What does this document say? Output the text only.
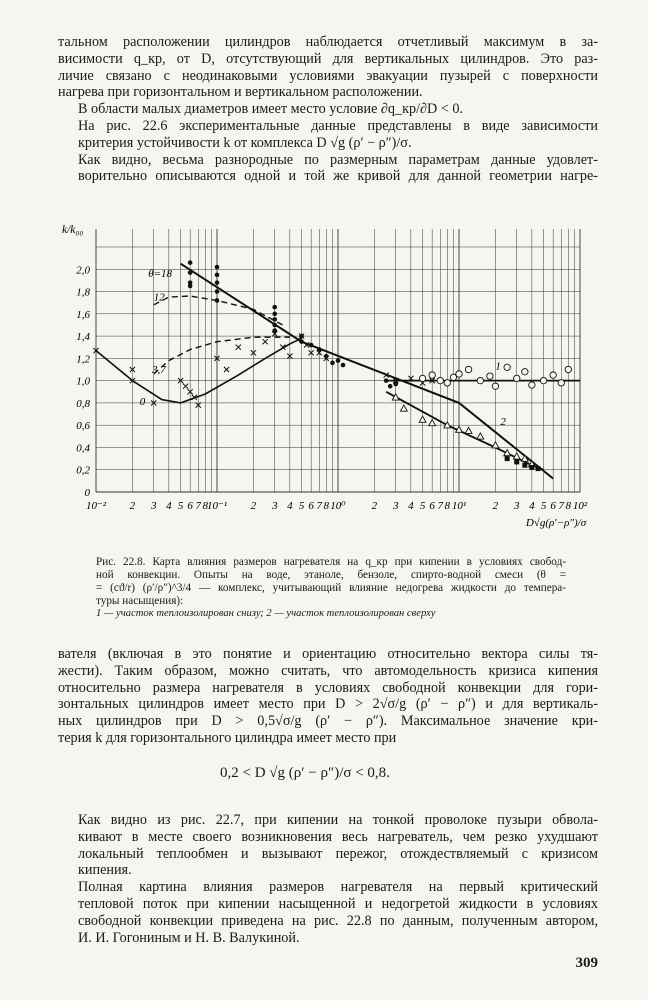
тальном расположении цилиндров наблюдается отчетливый максимум в за-
висимости q_кр, от D, отсутствующий для вертикальных цилиндров. Это раз-
личие связано с неодинаковыми условиями эвакуации пузырей с поверхности
нагрева при горизонтальном и вертикальном расположении.

В области малых диаметров имеет место условие ∂q_кр/∂D < 0.

На рис. 22.6 экспериментальные данные представлены в виде зависимости
критерия устойчивости k от комплекса D √g (ρ′ − ρ″)/σ.

Как видно, весьма разнородные по размерным параметрам данные удовлет-
ворительно описываются одной и той же кривой для данной геометрии нагре-

0
0,2
0,4
0,6
0,8
1,0
1,2
1,4
1,6
1,8
2,0
k/k₀₀
10⁻² 2 3 4 5 6 7 8
10⁻¹ 2 3 4 5 6 7 8 10⁰ 2 3 4 5 6 7 8 10¹ 2 3 4 5 6 7 8 10²
D√g(ρ′−ρ″)/σ
θ=18
12
3,7
0
1
2
Рис. 22.8. Карта влияния размеров нагревателя на q_кр при кипении в условиях свобод-
ной конвекции. Опыты на воде, этаноле, бензоле, спирто-водной смеси (θ =
= (cϑ/r) (ρ′/ρ″)^3/4 — комплекс, учитывающий влияние недогрева жидкости до темпера-
туры насыщения):
1 — участок теплоизолирован снизу; 2 — участок теплоизолирован сверху

вателя (включая в это понятие и ориентацию относительно вектора силы тя-
жести). Таким образом, можно считать, что автомодельность кризиса кипения
относительно размера нагревателя в условиях свободной конвекции для гори-
зонтальных цилиндров имеет место при D > 2√σ/g (ρ′ − ρ″) и для вертикаль-
ных цилиндров при D > 0,5√σ/g (ρ′ − ρ″). Максимальное значение кри-
терия k для горизонтального цилиндра имеет место при

0,2 < D √g (ρ′ − ρ″)/σ < 0,8.

Как видно из рис. 22.7, при кипении на тонкой проволоке пузыри обвола-
кивают в месте своего возникновения весь нагреватель, чем резко ухудшают
локальный теплообмен и вызывают пережог, отождествляемый с кризисом
кипения.

Полная картина влияния размеров нагревателя на первый критический
тепловой поток при кипении насыщенной и недогретой жидкости в условиях
свободной конвекции приведена на рис. 22.8 по данным, полученным автором,
И. И. Гогониным и Н. В. Валукиной.

309
